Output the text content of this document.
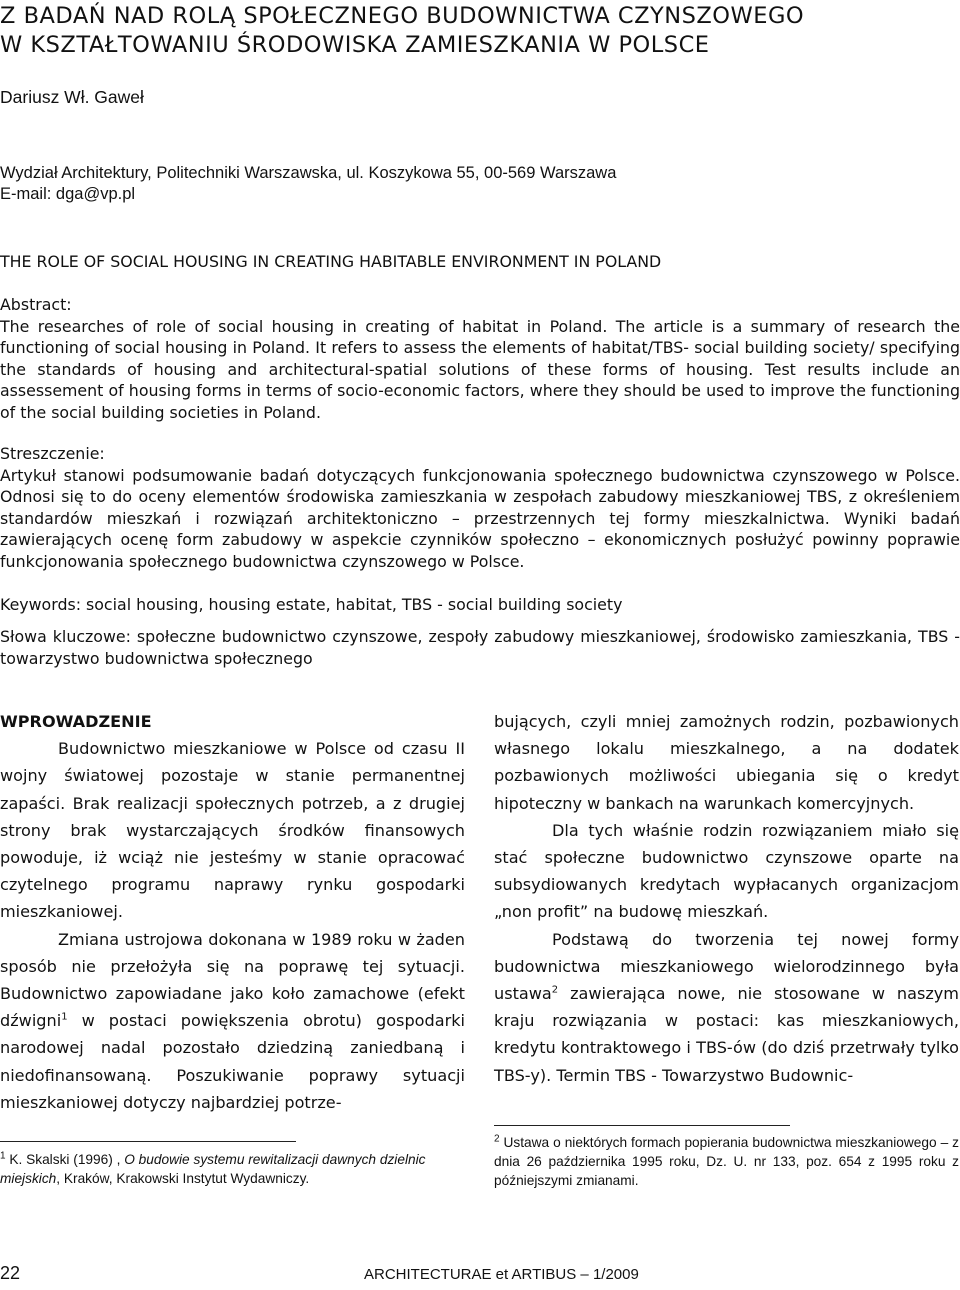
Z BADAŃ NAD ROLĄ SPOŁECZNEGO BUDOWNICTWA CZYNSZOWEGO
W KSZTAŁTOWANIU ŚRODOWISKA ZAMIESZKANIA W POLSCE
Dariusz Wł. Gaweł
Wydział Architektury, Politechniki Warszawska, ul. Koszykowa 55, 00-569 Warszawa
E-mail: dga@vp.pl
THE ROLE OF SOCIAL HOUSING IN CREATING HABITABLE ENVIRONMENT IN POLAND
Abstract:
The researches of role of social housing in creating of habitat in Poland. The article is a summary of research the functioning of social housing in Poland. It refers to assess the elements of habitat/TBS- social building society/ specifying the standards of housing and architectural-spatial solutions of these forms of housing. Test results include an assessement of housing forms in terms of socio-economic factors, where they should be used to improve the functioning of the social building societies in Poland.
Streszczenie:
Artykuł stanowi podsumowanie badań dotyczących funkcjonowania społecznego budownictwa czynszowego w Polsce. Odnosi się to do oceny elementów środowiska zamieszkania w zespołach zabudowy mieszkaniowej TBS, z określeniem standardów mieszkań i rozwiązań architektoniczno – przestrzennych tej formy mieszkalnictwa. Wyniki badań zawierających ocenę form zabudowy w aspekcie czynników społeczno – ekonomicznych posłużyć powinny poprawie funkcjonowania społecznego budownictwa czynszowego w Polsce.
Keywords: social housing, housing estate, habitat, TBS - social building society
Słowa kluczowe: społeczne budownictwo czynszowe, zespoły zabudowy mieszkaniowej, środowisko zamieszkania, TBS - towarzystwo budownictwa społecznego

WPROWADZENIE

Budownictwo mieszkaniowe w Polsce od czasu II wojny światowej pozostaje w stanie permanentnej zapaści. Brak realizacji społecznych potrzeb, a z drugiej strony brak wystarczających środków finansowych powoduje, iż wciąż nie jesteśmy w stanie opracować czytelnego programu naprawy rynku gospodarki mieszkaniowej.

Zmiana ustrojowa dokonana w 1989 roku w żaden sposób nie przełożyła się na poprawę tej sytuacji. Budownictwo zapowiadane jako koło zamachowe (efekt dźwigni$^1$ w postaci powiększenia obrotu) gospodarki narodowej nadal pozostało dziedziną zaniedbaną i niedofinansowaną. Poszukiwanie poprawy sytuacji mieszkaniowej dotyczy najbardziej potrze-

bujących, czyli mniej zamożnych rodzin, pozbawionych własnego lokalu mieszkalnego, a na dodatek pozbawionych możliwości ubiegania się o kredyt hipoteczny w bankach na warunkach komercyjnych.

Dla tych właśnie rodzin rozwiązaniem miało się stać społeczne budownictwo czynszowe oparte na subsydiowanych kredytach wypłacanych organizacjom „non profit” na budowę mieszkań.

Podstawą do tworzenia tej nowej formy budownictwa mieszkaniowego wielorodzinnego była ustawa$^2$ zawierająca nowe, nie stosowane w naszym kraju rozwiązania w postaci: kas mieszkaniowych, kredytu kontraktowego i TBS-ów (do dziś przetrwały tylko TBS-y). Termin TBS - Towarzystwo Budownic-

$^1$ K. Skalski (1996) , O budowie systemu rewitalizacji dawnych dzielnic miejskich, Kraków, Krakowski Instytut Wydawniczy.
$^2$ Ustawa o niektórych formach popierania budownictwa mieszkaniowego – z dnia 26 października 1995 roku, Dz. U. nr 133, poz. 654 z 1995 roku z późniejszymi zmianami.
22	ARCHITECTURAE et ARTIBUS – 1/2009
